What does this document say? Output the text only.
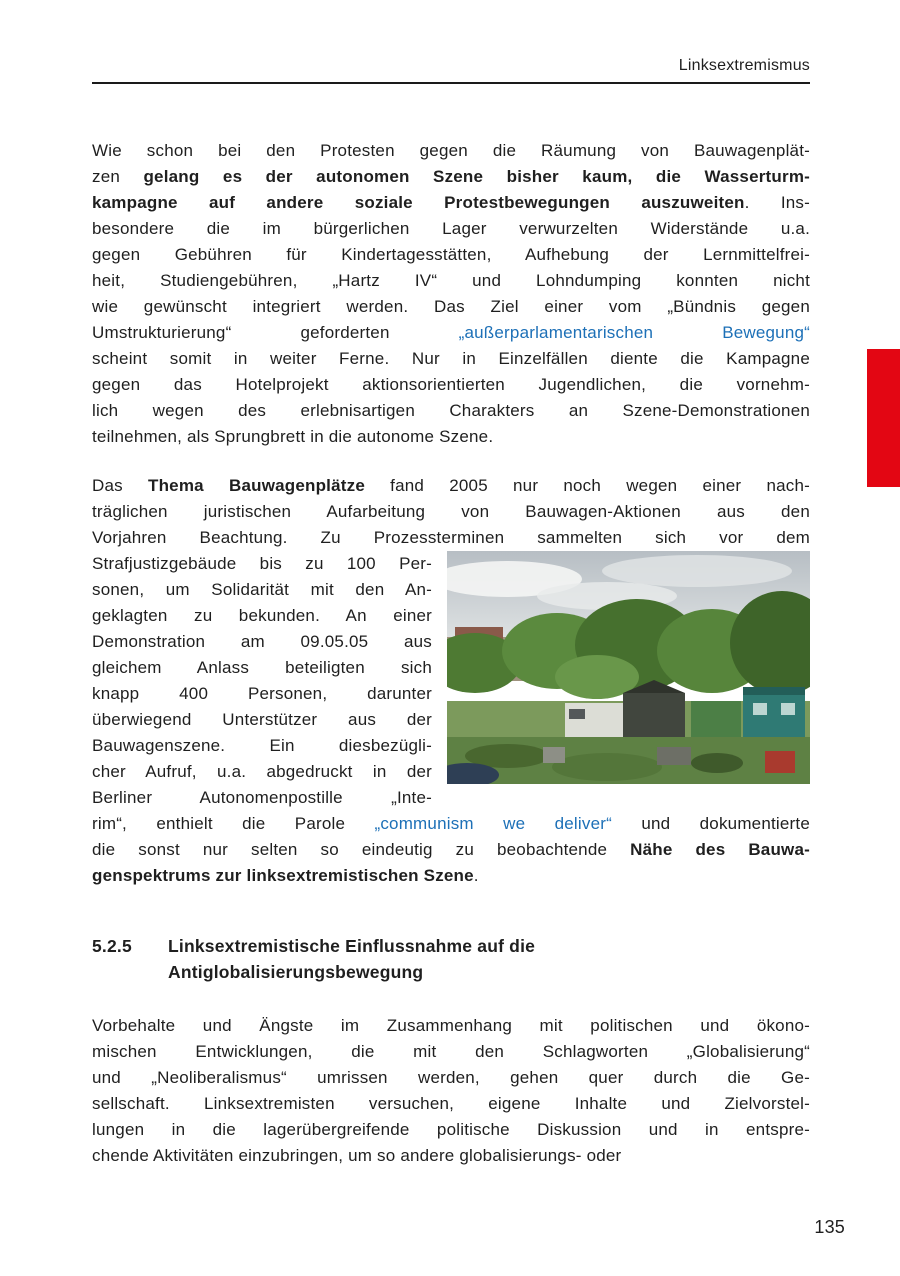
Linksextremismus
Wie schon bei den Protesten gegen die Räumung von Bauwagenplät-
zen gelang es der autonomen Szene bisher kaum, die Wasserturm-
kampagne auf andere soziale Protestbewegungen auszuweiten. Ins-
besondere die im bürgerlichen Lager verwurzelten Widerstände u.a.
gegen Gebühren für Kindertagesstätten, Aufhebung der Lernmittelfrei-
heit, Studiengebühren, „Hartz IV“ und Lohndumping konnten nicht
wie gewünscht integriert werden. Das Ziel einer vom „Bündnis gegen
Umstrukturierung“ geforderten „außerparlamentarischen Bewegung“
scheint somit in weiter Ferne. Nur in Einzelfällen diente die Kampagne
gegen das Hotelprojekt aktionsorientierten Jugendlichen, die vornehm-
lich wegen des erlebnisartigen Charakters an Szene-Demonstrationen
teilnehmen, als Sprungbrett in die autonome Szene.
Das Thema Bauwagenplätze fand 2005 nur noch wegen einer nach-
träglichen juristischen Aufarbeitung von Bauwagen-Aktionen aus den
Vorjahren Beachtung. Zu Prozessterminen sammelten sich vor dem
Strafjustizgebäude bis zu 100 Per-
sonen, um Solidarität mit den An-
geklagten zu bekunden. An einer
Demonstration am 09.05.05 aus
gleichem Anlass beteiligten sich
knapp 400 Personen, darunter
überwiegend Unterstützer aus der
Bauwagenszene. Ein diesbezügli-
cher Aufruf, u.a. abgedruckt in der
Berliner Autonomenpostille „Inte-
rim“, enthielt die Parole „communism we deliver“ und dokumentierte
die sonst nur selten so eindeutig zu beobachtende Nähe des Bauwa-
genspektrums zur linksextremistischen Szene.
5.2.5	Linksextremistische Einflussnahme auf die
Antiglobalisierungsbewegung
Vorbehalte und Ängste im Zusammenhang mit politischen und ökono-
mischen Entwicklungen, die mit den Schlagworten „Globalisierung“
und „Neoliberalismus“ umrissen werden, gehen quer durch die Ge-
sellschaft. Linksextremisten versuchen, eigene Inhalte und Zielvorstel-
lungen in die lagerübergreifende politische Diskussion und in entspre-
chende Aktivitäten einzubringen, um so andere globalisierungs- oder
135
